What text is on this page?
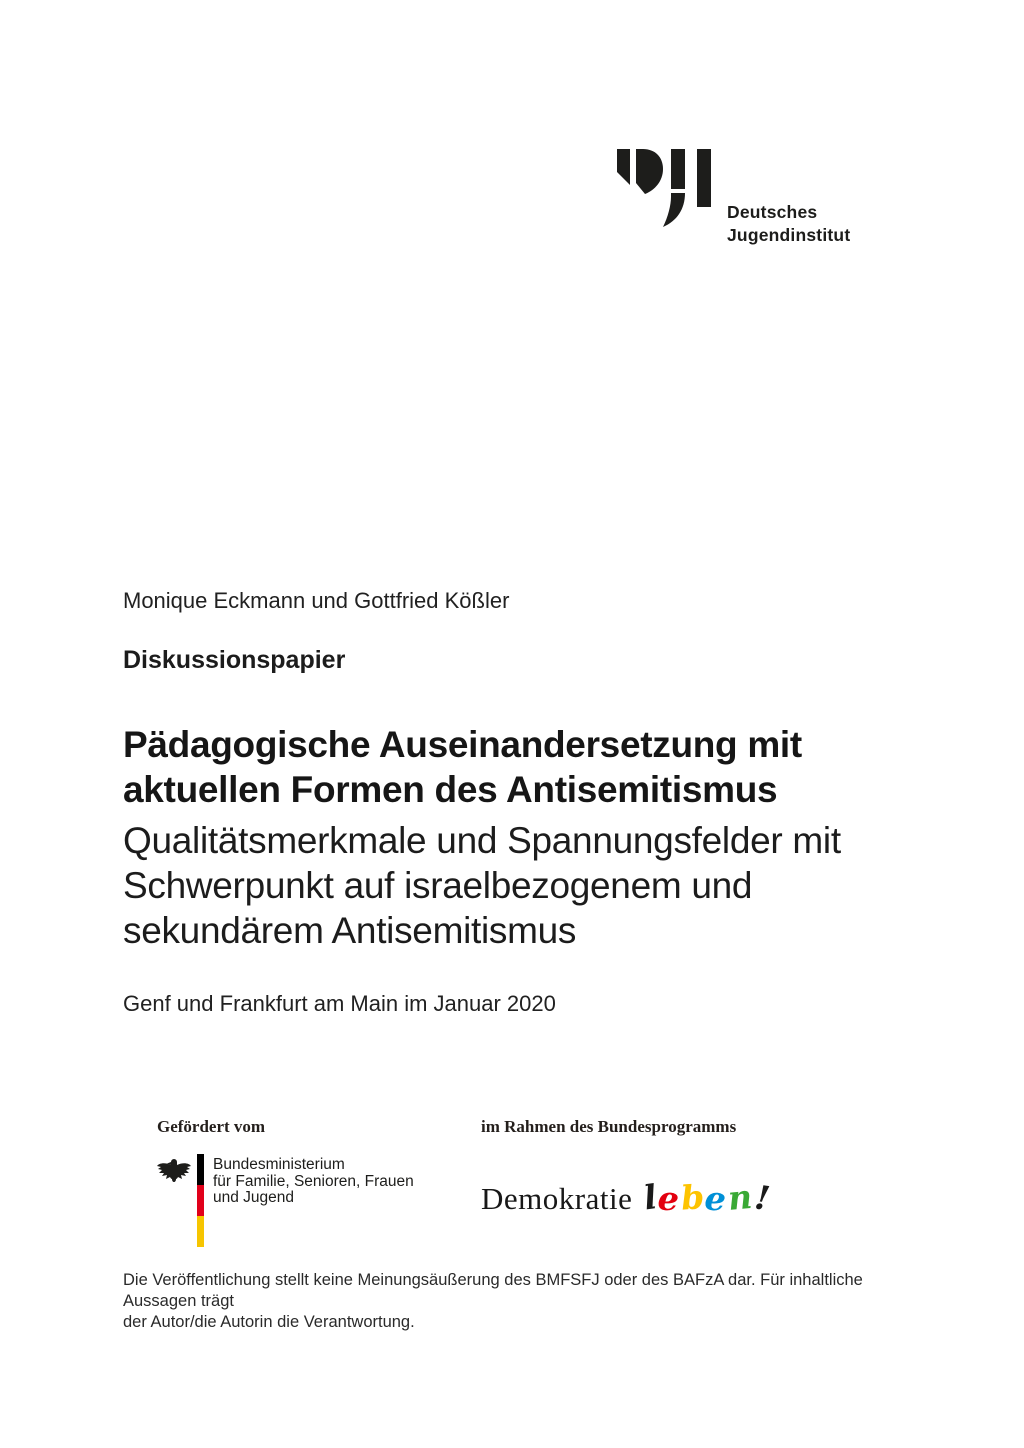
Deutsches
Jugendinstitut

Monique Eckmann und Gottfried Kößler

Diskussionspapier

Pädagogische Auseinandersetzung mit
aktuellen Formen des Antisemitismus
Qualitätsmerkmale und Spannungsfelder mit
Schwerpunkt auf israelbezogenem und
sekundärem Antisemitismus

Genf und Frankfurt am Main im Januar 2020

Gefördert vom	im Rahmen des Bundesprogramms

Bundesministerium
für Familie, Senioren, Frauen
und Jugend	Demokratie l e b e n !
Die Veröffentlichung stellt keine Meinungsäußerung des BMFSFJ oder des BAFzA dar. Für inhaltliche Aussagen trägt
der Autor/die Autorin die Verantwortung.
